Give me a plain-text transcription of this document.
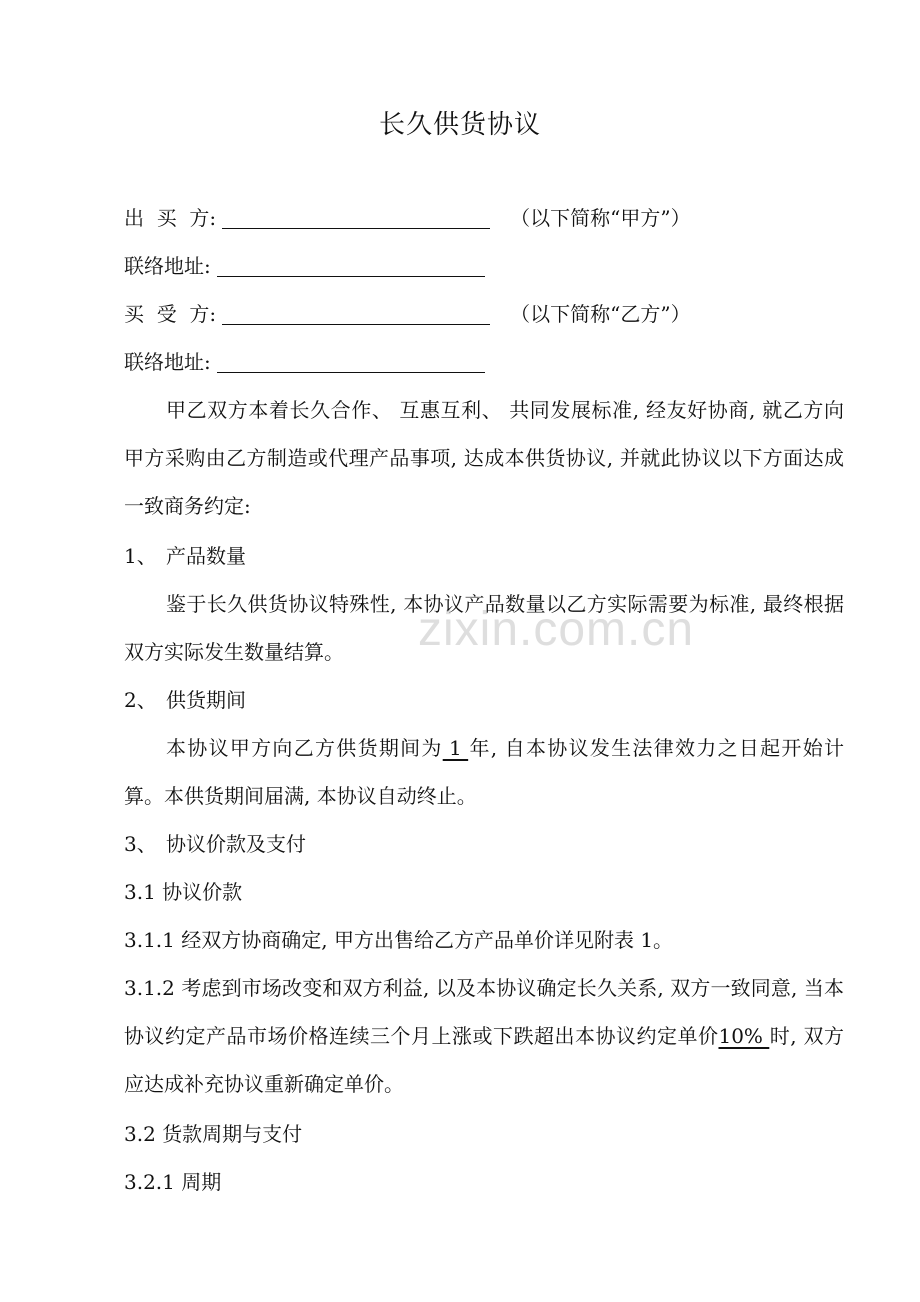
长久供货协议
出  买  方:	（以下简称“甲方”）
联络地址:
买  受  方:	（以下简称“乙方”）
联络地址:
甲乙双方本着长久合作、 互惠互利、 共同发展标准, 经友好协商, 就乙方向甲方采购由乙方制造或代理产品事项, 达成本供货协议, 并就此协议以下方面达成一致商务约定:
1、 产品数量
鉴于长久供货协议特殊性, 本协议产品数量以乙方实际需要为标准, 最终根据双方实际发生数量结算。
2、 供货期间
本协议甲方向乙方供货期间为 1 年, 自本协议发生法律效力之日起开始计算。本供货期间届满, 本协议自动终止。
3、 协议价款及支付
3.1 协议价款
3.1.1 经双方协商确定, 甲方出售给乙方产品单价详见附表 1。
3.1.2 考虑到市场改变和双方利益, 以及本协议确定长久关系, 双方一致同意, 当本协议约定产品市场价格连续三个月上涨或下跌超出本协议约定单价10% 时, 双方应达成补充协议重新确定单价。
3.2 货款周期与支付
3.2.1 周期
zixin.com.cn
